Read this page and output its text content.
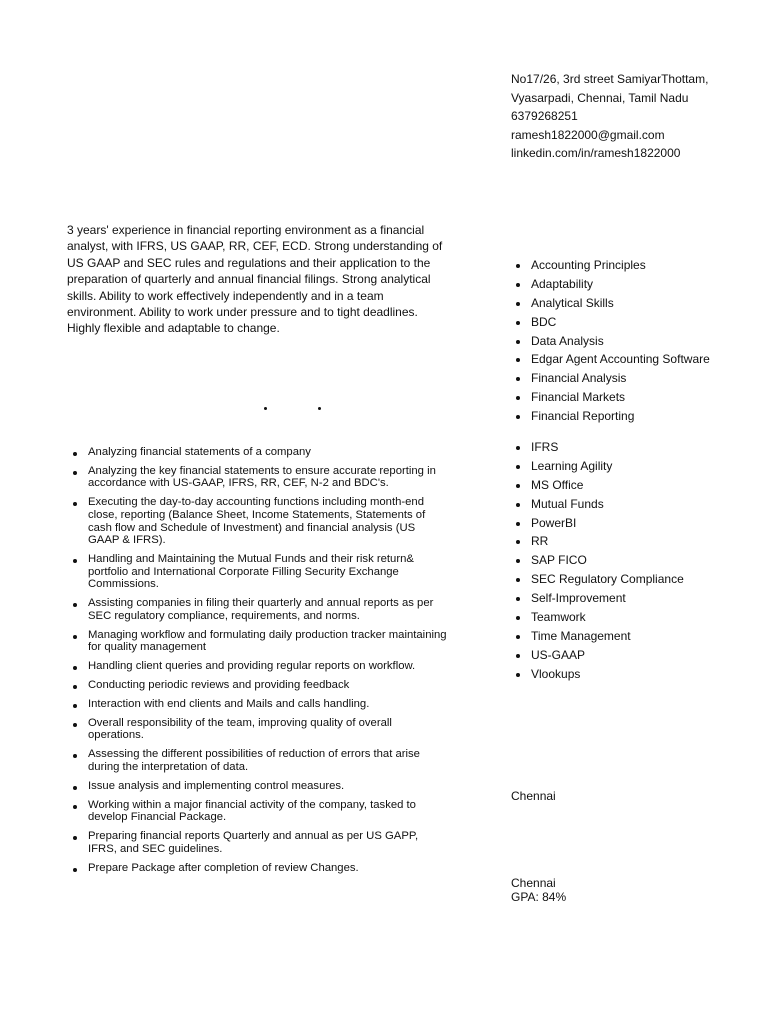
No17/26, 3rd street SamiyarThottam,
Vyasarpadi, Chennai, Tamil Nadu
6379268251
ramesh1822000@gmail.com
linkedin.com/in/ramesh1822000
3 years' experience in financial reporting environment as a financial analyst, with IFRS, US GAAP, RR, CEF, ECD. Strong understanding of US GAAP and SEC rules and regulations and their application to the preparation of quarterly and annual financial filings. Strong analytical skills. Ability to work effectively independently and in a team environment. Ability to work under pressure and to tight deadlines. Highly flexible and adaptable to change.
Analyzing financial statements of a company
Analyzing the key financial statements to ensure accurate reporting in accordance with US-GAAP, IFRS, RR, CEF, N-2 and BDC's.
Executing the day-to-day accounting functions including month-end close, reporting (Balance Sheet, Income Statements, Statements of cash flow and Schedule of Investment) and financial analysis (US GAAP & IFRS).
Handling and Maintaining the Mutual Funds and their risk return& portfolio and International Corporate Filling Security Exchange Commissions.
Assisting companies in filing their quarterly and annual reports as per SEC regulatory compliance, requirements, and norms.
Managing workflow and formulating daily production tracker maintaining for quality management
Handling client queries and providing regular reports on workflow.
Conducting periodic reviews and providing feedback
Interaction with end clients and Mails and calls handling.
Overall responsibility of the team, improving quality of overall operations.
Assessing the different possibilities of reduction of errors that arise during the interpretation of data.
Issue analysis and implementing control measures.
Working within a major financial activity of the company, tasked to develop Financial Package.
Preparing financial reports Quarterly and annual as per US GAPP, IFRS, and SEC guidelines.
Prepare Package after completion of review Changes.
Accounting Principles
Adaptability
Analytical Skills
BDC
Data Analysis
Edgar Agent Accounting Software
Financial Analysis
Financial Markets
Financial Reporting
IFRS
Learning Agility
MS Office
Mutual Funds
PowerBI
RR
SAP FICO
SEC Regulatory Compliance
Self-Improvement
Teamwork
Time Management
US-GAAP
Vlookups
Chennai
Chennai
GPA: 84%
